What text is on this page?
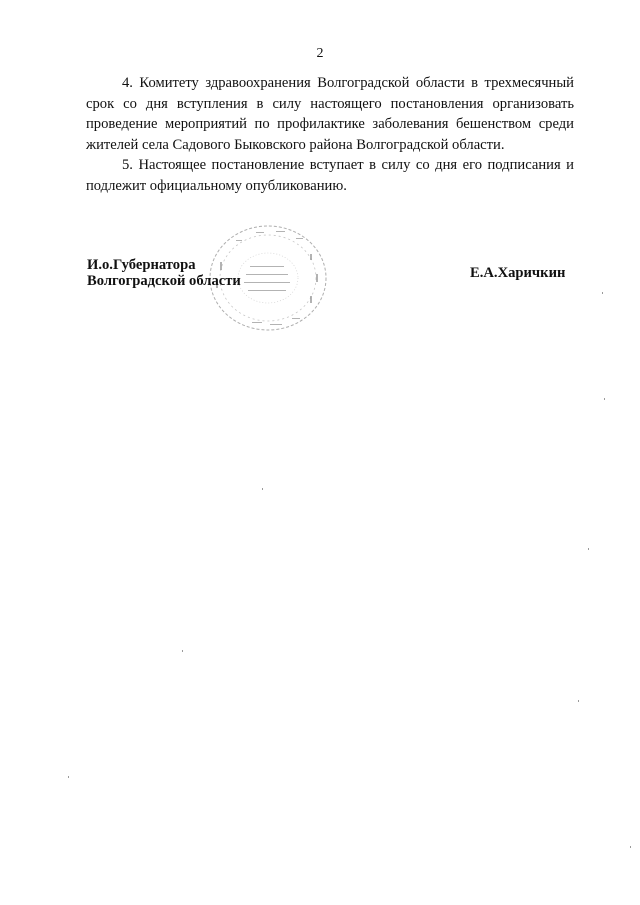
2

4. Комитету здравоохранения Волгоградской области в трехмесячный срок со дня вступления в силу настоящего постановления организовать проведение мероприятий по профилактике заболевания бешенством среди жителей села Садового Быковского района Волгоградской области.

5. Настоящее постановление вступает в силу со дня его подписания и подлежит официальному опубликованию.

И.о.Губернатора
Волгоградской области	Е.А.Харичкин
